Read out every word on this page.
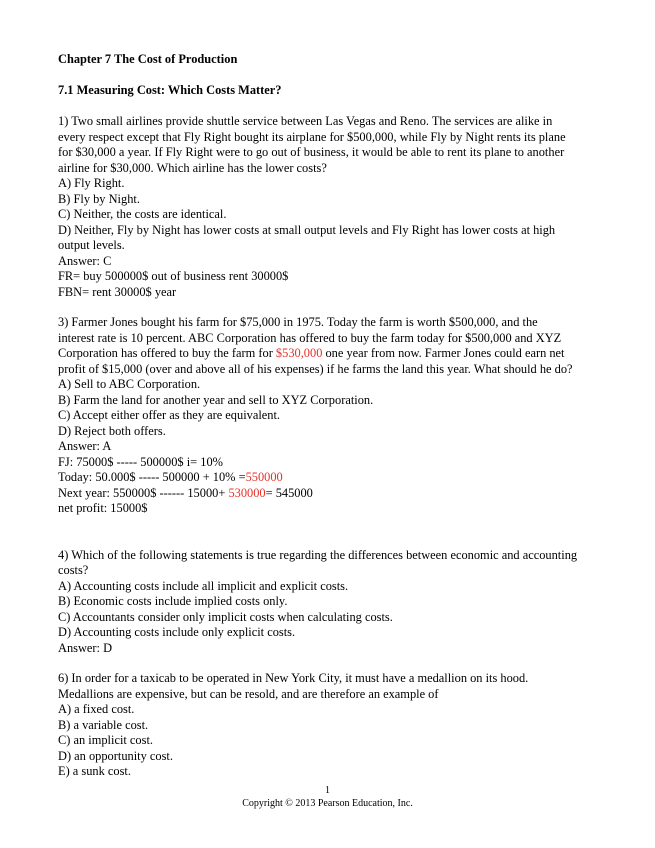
Chapter 7 The Cost of Production
7.1 Measuring Cost: Which Costs Matter?
1) Two small airlines provide shuttle service between Las Vegas and Reno. The services are alike in
every respect except that Fly Right bought its airplane for $500,000, while Fly by Night rents its plane
for $30,000 a year. If Fly Right were to go out of business, it would be able to rent its plane to another
airline for $30,000. Which airline has the lower costs?
A) Fly Right.
B) Fly by Night.
C) Neither, the costs are identical.
D) Neither, Fly by Night has lower costs at small output levels and Fly Right has lower costs at high
output levels.
Answer: C
FR= buy 500000$ out of business rent 30000$
FBN= rent 30000$ year
3) Farmer Jones bought his farm for $75,000 in 1975. Today the farm is worth $500,000, and the
interest rate is 10 percent. ABC Corporation has offered to buy the farm today for $500,000 and XYZ
Corporation has offered to buy the farm for $530,000 one year from now. Farmer Jones could earn net
profit of $15,000 (over and above all of his expenses) if he farms the land this year. What should he do?
A) Sell to ABC Corporation.
B) Farm the land for another year and sell to XYZ Corporation.
C) Accept either offer as they are equivalent.
D) Reject both offers.
Answer: A
FJ: 75000$ ----- 500000$ i= 10%
Today: 50.000$ ----- 500000 + 10% =550000
Next year: 550000$ ------ 15000+ 530000= 545000
net profit: 15000$
4) Which of the following statements is true regarding the differences between economic and accounting
costs?
A) Accounting costs include all implicit and explicit costs.
B) Economic costs include implied costs only.
C) Accountants consider only implicit costs when calculating costs.
D) Accounting costs include only explicit costs.
Answer: D
6) In order for a taxicab to be operated in New York City, it must have a medallion on its hood.
Medallions are expensive, but can be resold, and are therefore an example of
A) a fixed cost.
B) a variable cost.
C) an implicit cost.
D) an opportunity cost.
E) a sunk cost.
1
Copyright © 2013 Pearson Education, Inc.
